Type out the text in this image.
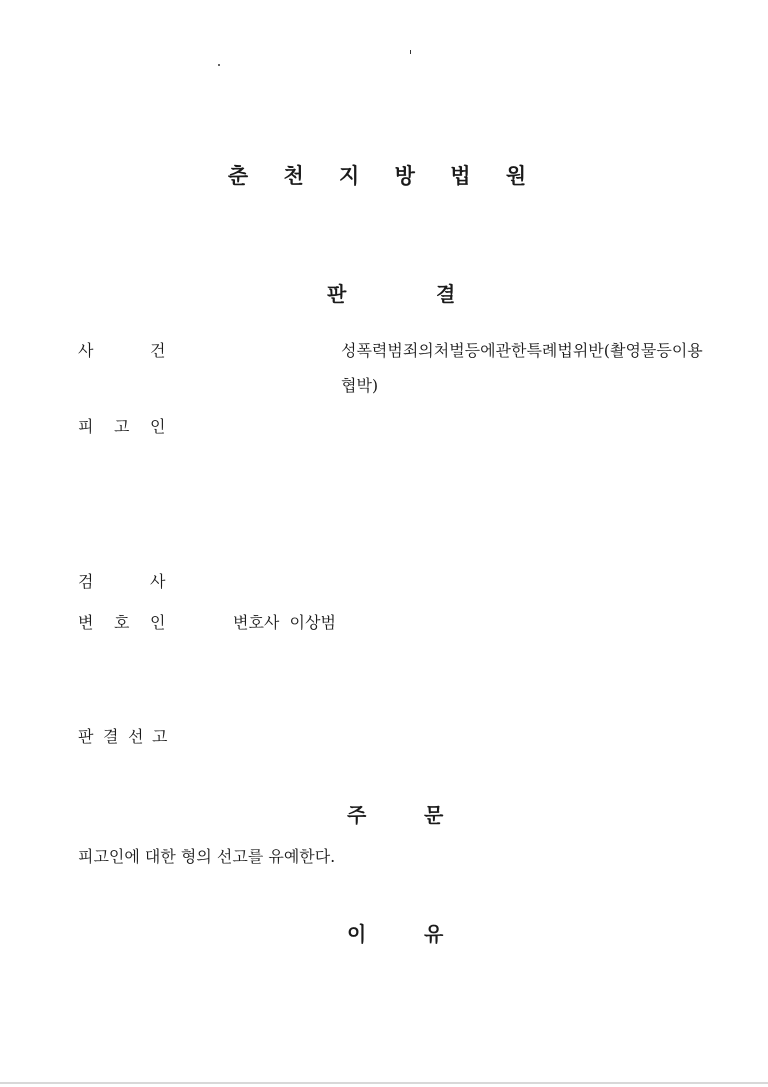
춘 천 지 방 법 원
판	결
사	건	성폭력범죄의처벌등에관한특례법위반(촬영물등이용
협박)
피 고 인
검	사
변 호 인	변호사  이상범
판 결 선 고
주	문
피고인에 대한 형의 선고를 유예한다.
이	유
